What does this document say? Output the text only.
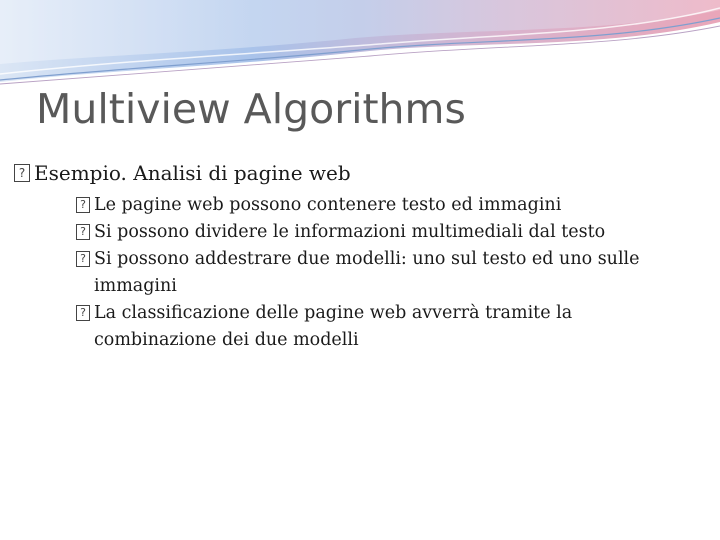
Multiview Algorithms
? Esempio. Analisi di pagine web
? Le pagine web possono contenere testo ed immagini
? Si possono dividere le informazioni multimediali dal testo
? Si possono addestrare due modelli: uno sul testo ed uno sulle immagini
? La classificazione delle pagine web avverrà tramite la combinazione dei due modelli
